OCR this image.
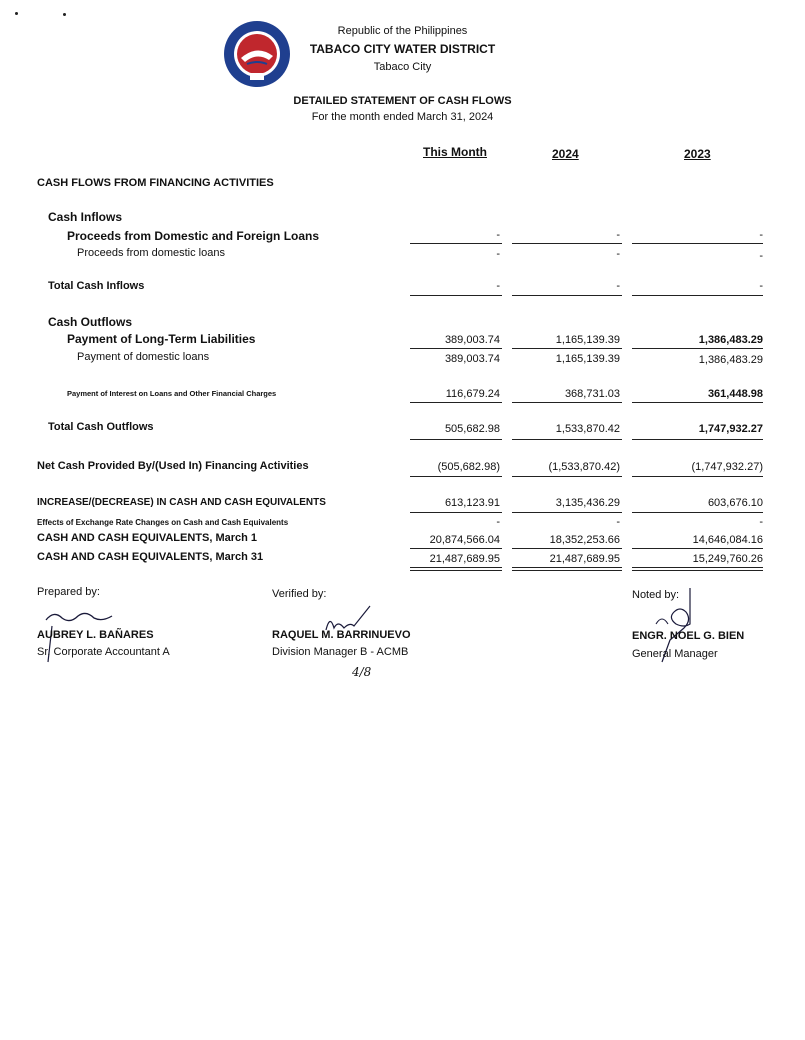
Republic of the Philippines
TABACO CITY WATER DISTRICT
Tabaco City
DETAILED STATEMENT OF CASH FLOWS
For the month ended March 31, 2024
This Month	2024	2023
CASH FLOWS FROM FINANCING ACTIVITIES
Cash Inflows
Proceeds from Domestic and Foreign Loans	-	-	-
Proceeds from domestic loans	-	-	-
Total Cash Inflows	-	-	-
Cash Outflows
Payment of Long-Term Liabilities	389,003.74	1,165,139.39	1,386,483.29
Payment of domestic loans	389,003.74	1,165,139.39	1,386,483.29
Payment of Interest on Loans and Other Financial Charges	116,679.24	368,731.03	361,448.98
Total Cash Outflows	505,682.98	1,533,870.42	1,747,932.27
Net Cash Provided By/(Used In) Financing Activities	(505,682.98)	(1,533,870.42)	(1,747,932.27)
INCREASE/(DECREASE) IN CASH AND CASH EQUIVALENTS	613,123.91	3,135,436.29	603,676.10
Effects of Exchange Rate Changes on Cash and Cash Equivalents	-	-	-
CASH AND CASH EQUIVALENTS, March 1	20,874,566.04	18,352,253.66	14,646,084.16
CASH AND CASH EQUIVALENTS, March 31	21,487,689.95	21,487,689.95	15,249,760.26
Prepared by:
AUBREY L. BAÑARES
Sr. Corporate Accountant A
Verified by:
RAQUEL M. BARRINUEVO
Division Manager B - ACMB
4/8
Noted by:
ENGR. NOEL G. BIEN
General Manager
